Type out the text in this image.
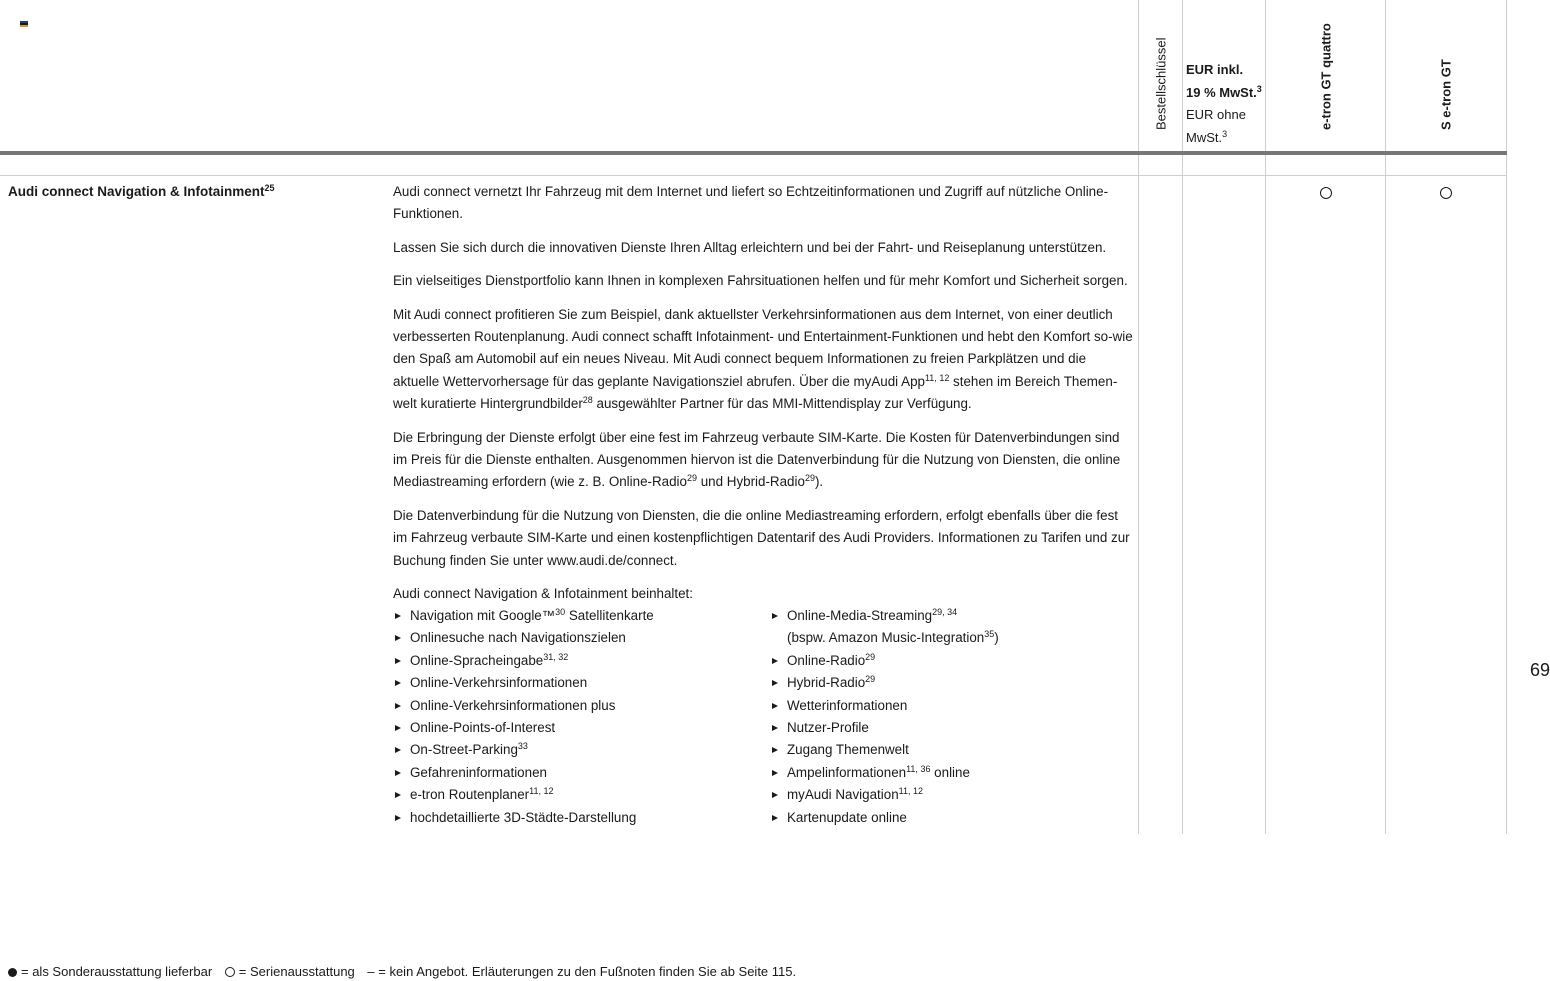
Bestellschlüssel EUR inkl.
19 % MwSt.$^3$
EUR ohne
MwSt.$^3$
e-tron GT quattro	S e-tron GT
Audi connect Navigation & Infotainment$^{25}$	Audi connect vernetzt Ihr Fahrzeug mit dem Internet und liefert so Echtzeitinformationen und Zugriff auf nützliche Online-Funktionen.

Lassen Sie sich durch die innovativen Dienste Ihren Alltag erleichtern und bei der Fahrt- und Reiseplanung unterstützen.

Ein vielseitiges Dienstportfolio kann Ihnen in komplexen Fahrsituationen helfen und für mehr Komfort und Sicherheit sorgen.

Mit Audi connect profitieren Sie zum Beispiel, dank aktuellster Verkehrsinformationen aus dem Internet, von einer deutlich verbesserten Routenplanung. Audi connect schafft Infotainment- und Entertainment-Funktionen und hebt den Komfort so-wie den Spaß am Automobil auf ein neues Niveau. Mit Audi connect bequem Informationen zu freien Parkplätzen und die aktuelle Wettervorhersage für das geplante Navigationsziel abrufen. Über die myAudi App$^{11, 12}$ stehen im Bereich Themen-welt kuratierte Hintergrundbilder$^{28}$ ausgewählter Partner für das MMI-Mittendisplay zur Verfügung.

Die Erbringung der Dienste erfolgt über eine fest im Fahrzeug verbaute SIM-Karte. Die Kosten für Datenverbindungen sind im Preis für die Dienste enthalten. Ausgenommen hiervon ist die Datenverbindung für die Nutzung von Diensten, die online Mediastreaming erfordern (wie z. B. Online-Radio$^{29}$ und Hybrid-Radio$^{29}$).

Die Datenverbindung für die Nutzung von Diensten, die die online Mediastreaming erfordern, erfolgt ebenfalls über die fest im Fahrzeug verbaute SIM-Karte und einen kostenpflichtigen Datentarif des Audi Providers. Informationen zu Tarifen und zur Buchung finden Sie unter www.audi.de/connect.

Audi connect Navigation & Infotainment beinhaltet:
Navigation mit Google™$^{30}$ Satellitenkarte
Onlinesuche nach Navigationszielen
Online-Spracheingabe$^{31, 32}$
Online-Verkehrsinformationen
Online-Verkehrsinformationen plus
Online-Points-of-Interest
On-Street-Parking$^{33}$
Gefahreninformationen
e-tron Routenplaner$^{11, 12}$
hochdetaillierte 3D-Städte-Darstellung
Online-Media-Streaming$^{29, 34}$
(bspw. Amazon Music-Integration$^{35}$)
Online-Radio$^{29}$
Hybrid-Radio$^{29}$
Wetterinformationen
Nutzer-Profile
Zugang Themenwelt
Ampelinformationen$^{11, 36}$ online
myAudi Navigation$^{11, 12}$
Kartenupdate online
69
= als Sonderausstattung lieferbar = Serienausstattung – = kein Angebot. Erläuterungen zu den Fußnoten finden Sie ab Seite 115.
